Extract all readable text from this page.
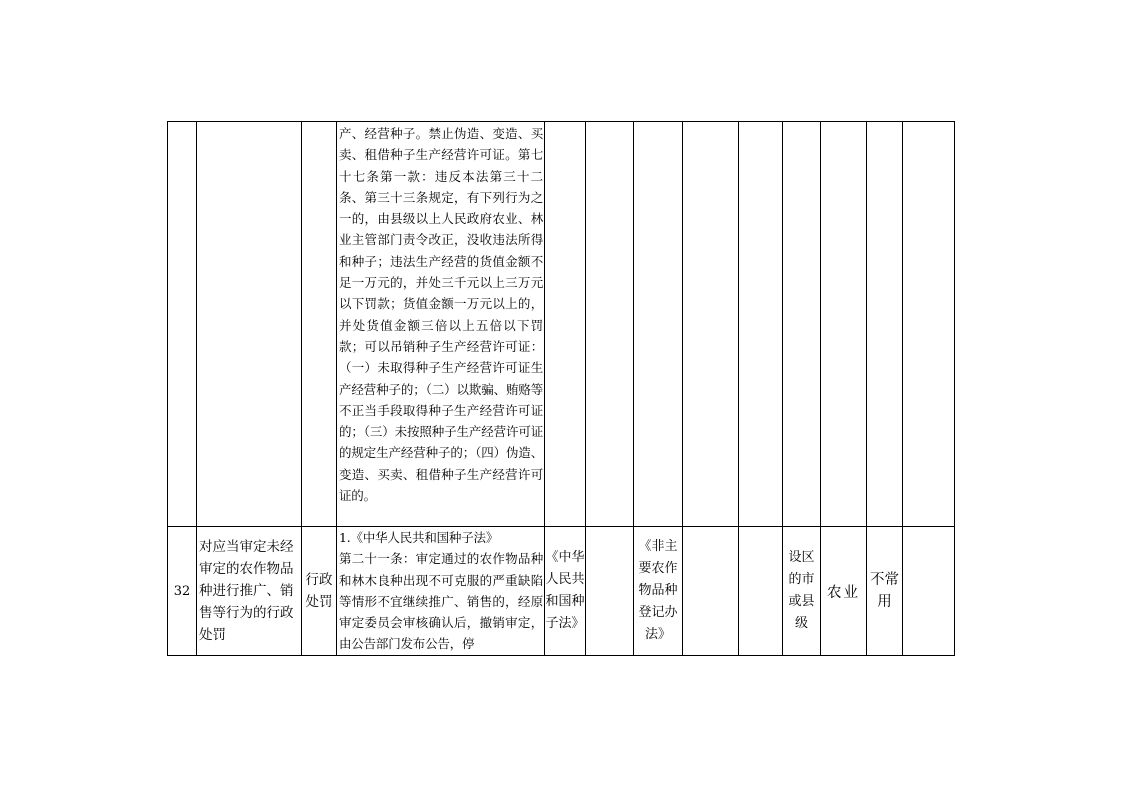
产、经营种子。禁止伪造、变造、买卖、租借种子生产经营许可证。第七十七条第一款：违反本法第三十二条、第三十三条规定，有下列行为之一的，由县级以上人民政府农业、林业主管部门责令改正，没收违法所得和种子；违法生产经营的货值金额不足一万元的，并处三千元以上三万元以下罚款；货值金额一万元以上的，并处货值金额三倍以上五倍以下罚款；可以吊销种子生产经营许可证：（一）未取得种子生产经营许可证生产经营种子的；（二）以欺骗、贿赂等不正当手段取得种子生产经营许可证的；（三）未按照种子生产经营许可证的规定生产经营种子的；（四）伪造、变造、买卖、租借种子生产经营许可证的。
32
对应当审定未经审定的农作物品种进行推广、销售等行为的行政处罚
行政处罚
1.《中华人民共和国种子法》
第二十一条：审定通过的农作物品种和林木良种出现不可克服的严重缺陷等情形不宜继续推广、销售的，经原审定委员会审核确认后，撤销审定，由公告部门发布公告，停
《中华人民共和国种子法》
《非主要农作物品种登记办法》
设区的市或县级
农业
不常用
